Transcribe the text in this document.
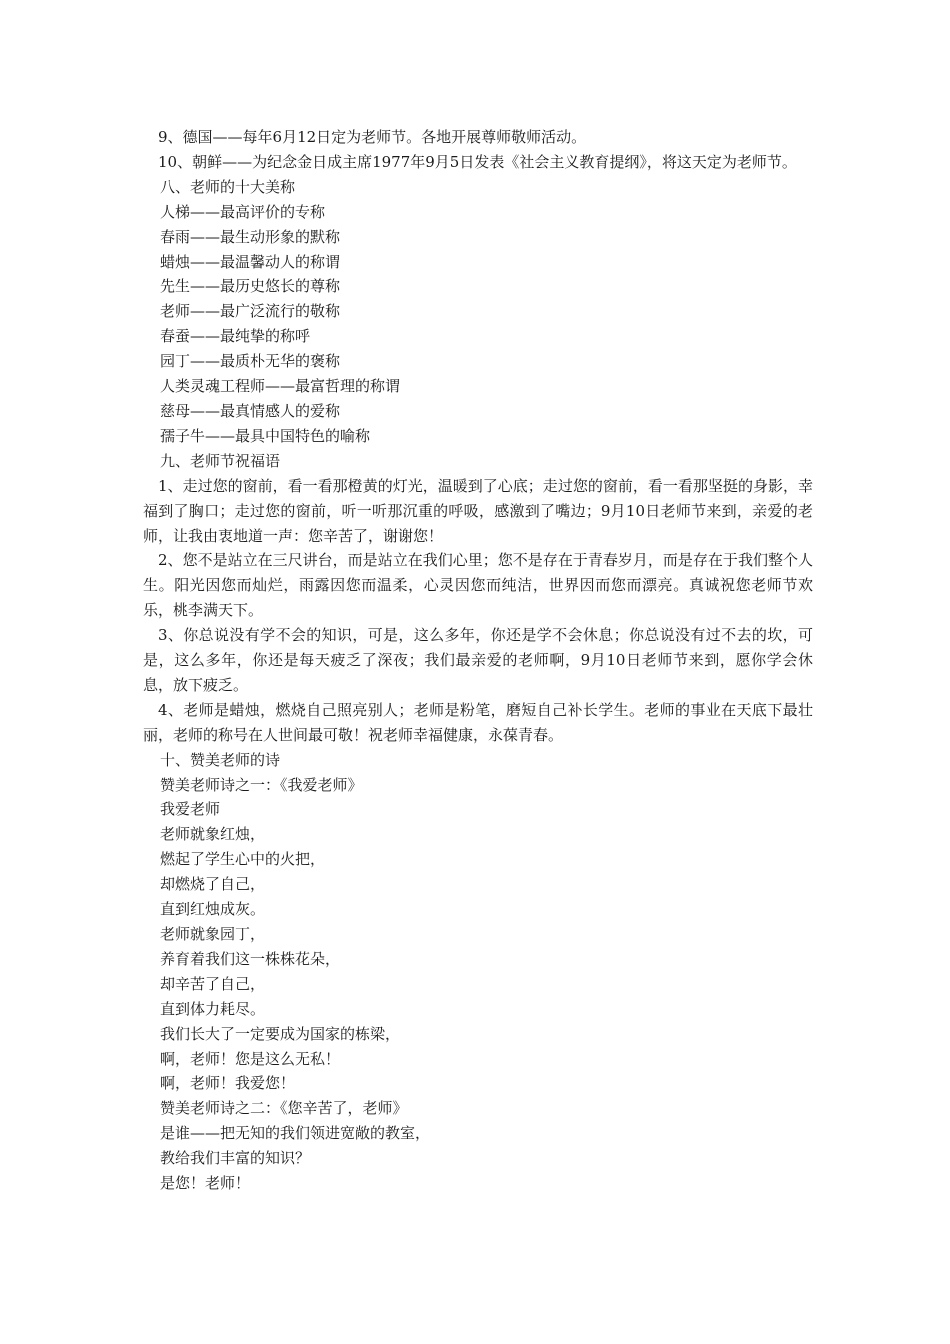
9、德国——每年6月12日定为老师节。各地开展尊师敬师活动。

10、朝鲜——为纪念金日成主席1977年9月5日发表《社会主义教育提纲》，将这天定为老师节。

八、老师的十大美称

人梯——最高评价的专称

春雨——最生动形象的默称

蜡烛——最温馨动人的称谓

先生——最历史悠长的尊称

老师——最广泛流行的敬称

春蚕——最纯挚的称呼

园丁——最质朴无华的褒称

人类灵魂工程师——最富哲理的称谓

慈母——最真情感人的爱称

孺子牛——最具中国特色的喻称

九、老师节祝福语

1、走过您的窗前，看一看那橙黄的灯光，温暖到了心底；走过您的窗前，看一看那坚挺的身影，幸福到了胸口；走过您的窗前，听一听那沉重的呼吸，感激到了嘴边；9月10日老师节来到，亲爱的老师，让我由衷地道一声：您辛苦了，谢谢您！

2、您不是站立在三尺讲台，而是站立在我们心里；您不是存在于青春岁月，而是存在于我们整个人生。阳光因您而灿烂，雨露因您而温柔，心灵因您而纯洁，世界因而您而漂亮。真诚祝您老师节欢乐，桃李满天下。

3、你总说没有学不会的知识，可是，这么多年，你还是学不会休息；你总说没有过不去的坎，可是，这么多年，你还是每天疲乏了深夜；我们最亲爱的老师啊，9月10日老师节来到，愿你学会休息，放下疲乏。

4、老师是蜡烛，燃烧自己照亮别人；老师是粉笔，磨短自己补长学生。老师的事业在天底下最壮丽，老师的称号在人世间最可敬！祝老师幸福健康，永葆青春。

十、赞美老师的诗

赞美老师诗之一：《我爱老师》

我爱老师

老师就象红烛，

燃起了学生心中的火把，

却燃烧了自己，

直到红烛成灰。

老师就象园丁，

养育着我们这一株株花朵，

却辛苦了自己，

直到体力耗尽。

我们长大了一定要成为国家的栋梁，

啊，老师！您是这么无私！

啊，老师！我爱您！

赞美老师诗之二：《您辛苦了，老师》

是谁——把无知的我们领进宽敞的教室，

教给我们丰富的知识？

是您！老师！
